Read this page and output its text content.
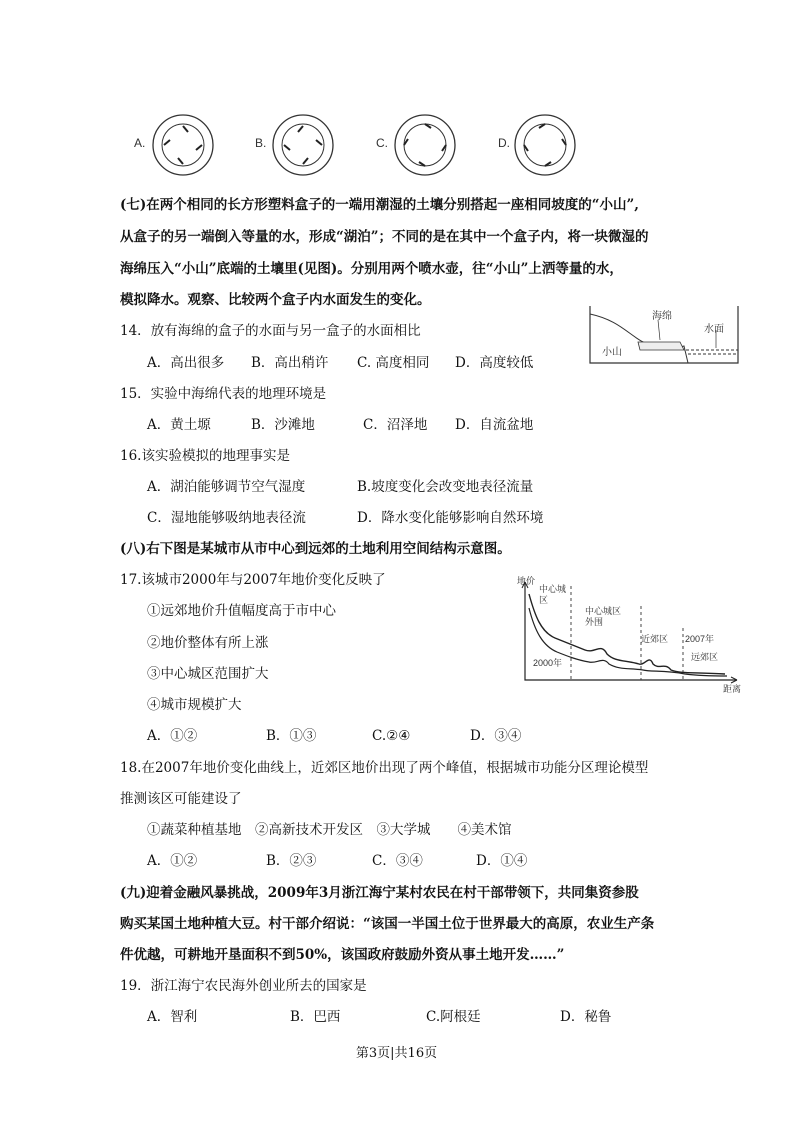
A.	B.	C.	D.
(七)在两个相同的长方形塑料盒子的一端用潮湿的土壤分别搭起一座相同坡度的“小山”,
从盒子的另一端倒入等量的水，形成“湖泊”；不同的是在其中一个盒子内，将一块微湿的
海绵压入“小山”底端的土壤里(见图)。分别用两个喷水壶，往“小山”上洒等量的水，
模拟降水。观察、比较两个盒子内水面发生的变化。
海绵
水面
小山
14．放有海绵的盒子的水面与另一盒子的水面相比
A．高出很多 B．高出稍许 C. 高度相同 D．高度较低
15．实验中海绵代表的地理环境是
A．黄土塬	B．沙滩地	C．沼泽地 D．自流盆地
16.该实验模拟的地理事实是
A．湖泊能够调节空气湿度	B.坡度变化会改变地表径流量
C．湿地能够吸纳地表径流	D．降水变化能够影响自然环境
(八)右下图是某城市从市中心到远郊的土地利用空间结构示意图。
地价
距离
中心城区
中心城区外围
近郊区
远郊区
2000年
2007年
17.该城市2000年与2007年地价变化反映了
①远郊地价升值幅度高于市中心
②地价整体有所上涨
③中心城区范围扩大
④城市规模扩大
A．①②	B．①③	C.②④	D．③④
18.在2007年地价变化曲线上，近郊区地价出现了两个峰值，根据城市功能分区理论模型
推测该区可能建设了
①蔬菜种植基地　②高新技术开发区　③大学城　　④美术馆
A．①②	B．②③	C．③④	D．①④
(九)迎着金融风暴挑战，2009年3月浙江海宁某村农民在村干部带领下，共同集资参股
购买某国土地种植大豆。村干部介绍说：“该国一半国土位于世界最大的高原，农业生产条
件优越，可耕地开垦面积不到50%，该国政府鼓励外资从事土地开发……”
19．浙江海宁农民海外创业所去的国家是
A．智利	B．巴西	C.阿根廷	D．秘鲁
第3页|共16页
